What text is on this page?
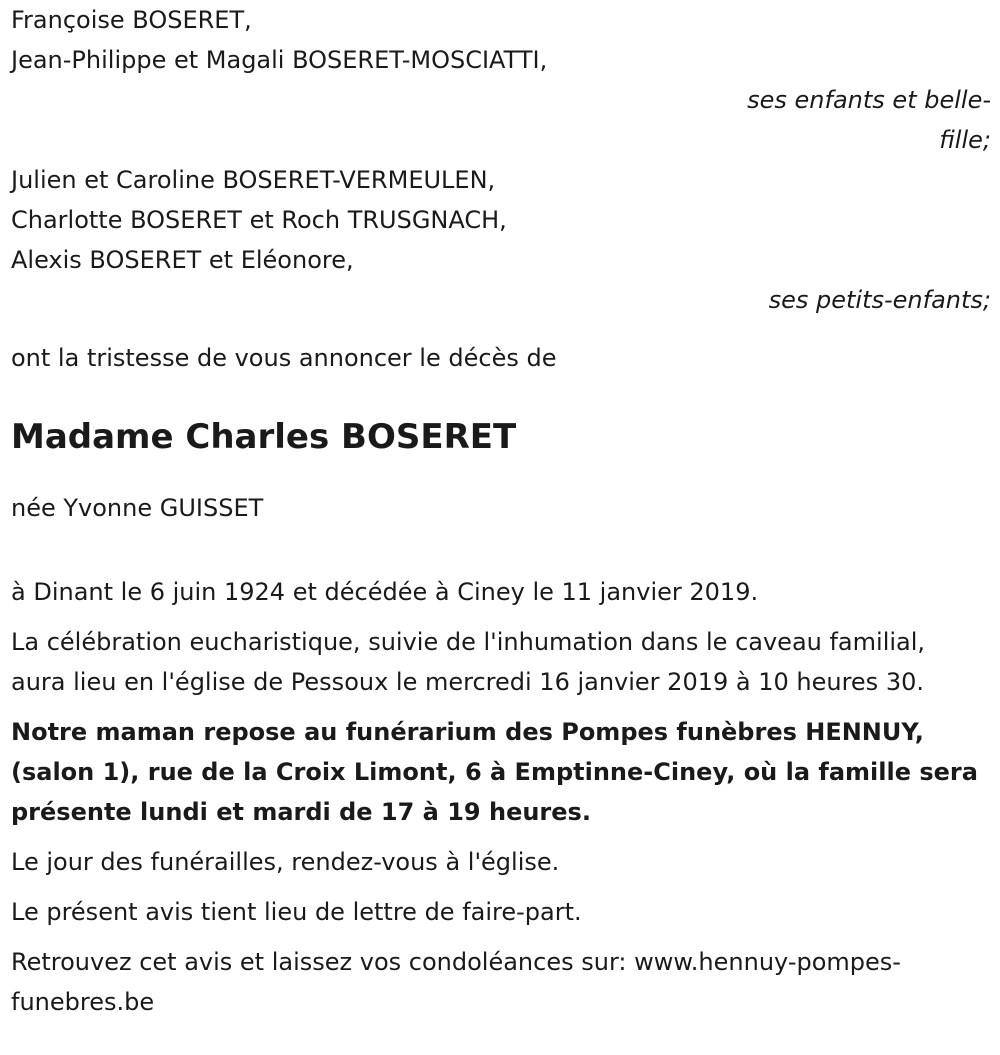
Françoise BOSERET,
Jean-Philippe et Magali BOSERET-MOSCIATTI,
ses enfants et belle-
fille;
Julien et Caroline BOSERET-VERMEULEN,
Charlotte BOSERET et Roch TRUSGNACH,
Alexis BOSERET et Eléonore,
ses petits-enfants;
ont la tristesse de vous annoncer le décès de
Madame Charles BOSERET
née Yvonne GUISSET

à Dinant le 6 juin 1924 et décédée à Ciney le 11 janvier 2019.

La célébration eucharistique, suivie de l'inhumation dans le caveau familial, aura lieu en l'église de Pessoux le mercredi 16 janvier 2019 à 10 heures 30.

Notre maman repose au funérarium des Pompes funèbres HENNUY, (salon 1), rue de la Croix Limont, 6 à Emptinne-Ciney, où la famille sera présente lundi et mardi de 17 à 19 heures.

Le jour des funérailles, rendez-vous à l'église.

Le présent avis tient lieu de lettre de faire-part.

Retrouvez cet avis et laissez vos condoléances sur: www.hennuy-pompes-funebres.be
